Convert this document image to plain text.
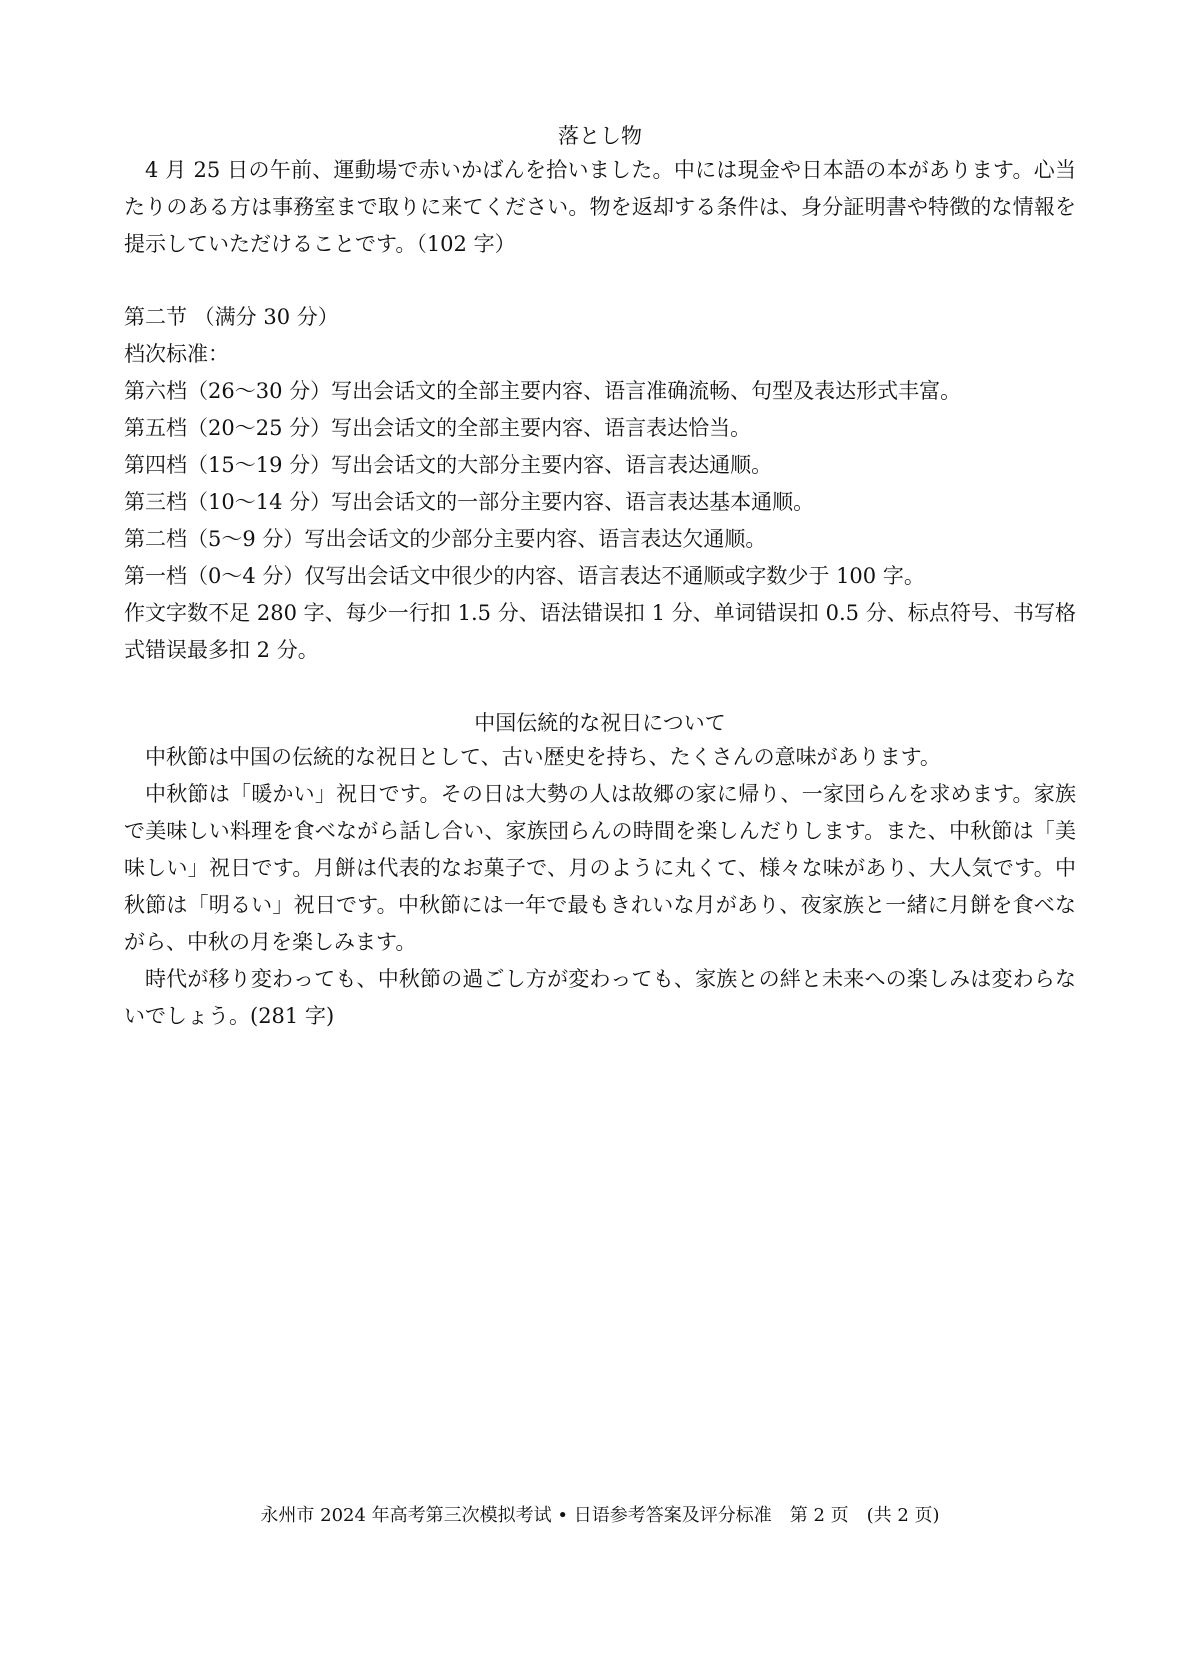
落とし物

4 月 25 日の午前、運動場で赤いかばんを拾いました。中には現金や日本語の本があります。心当たりのある方は事務室まで取りに来てください。物を返却する条件は、身分証明書や特徴的な情報を提示していただけることです。（102 字）

第二节 （满分 30 分）

档次标准：

第六档（26～30 分）写出会话文的全部主要内容、语言准确流畅、句型及表达形式丰富。

第五档（20～25 分）写出会话文的全部主要内容、语言表达恰当。

第四档（15～19 分）写出会话文的大部分主要内容、语言表达通顺。

第三档（10～14 分）写出会话文的一部分主要内容、语言表达基本通顺。

第二档（5～9 分）写出会话文的少部分主要内容、语言表达欠通顺。

第一档（0～4 分）仅写出会话文中很少的内容、语言表达不通顺或字数少于 100 字。

作文字数不足 280 字、每少一行扣 1.5 分、语法错误扣 1 分、单词错误扣 0.5 分、标点符号、书写格式错误最多扣 2 分。

中国伝統的な祝日について

中秋節は中国の伝統的な祝日として、古い歴史を持ち、たくさんの意味があります。

中秋節は「暖かい」祝日です。その日は大勢の人は故郷の家に帰り、一家団らんを求めます。家族で美味しい料理を食べながら話し合い、家族団らんの時間を楽しんだりします。また、中秋節は「美味しい」祝日です。月餅は代表的なお菓子で、月のように丸くて、様々な味があり、大人気です。中秋節は「明るい」祝日です。中秋節には一年で最もきれいな月があり、夜家族と一緒に月餅を食べながら、中秋の月を楽しみます。

時代が移り変わっても、中秋節の過ごし方が変わっても、家族との絆と未来への楽しみは変わらないでしょう。(281 字)

永州市 2024 年高考第三次模拟考试 • 日语参考答案及评分标准　第 2 页　(共 2 页)
